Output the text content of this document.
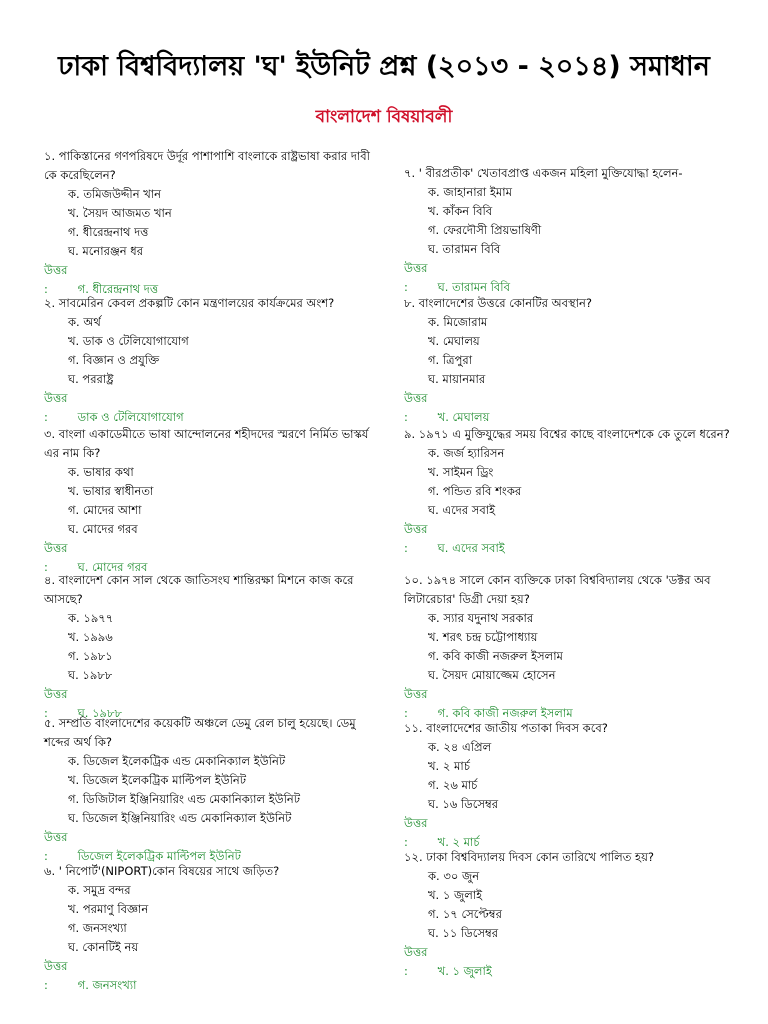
ঢাকা বিশ্ববিদ্যালয় 'ঘ' ইউনিট প্রশ্ন (২০১৩ - ২০১৪) সমাধান
বাংলাদেশ বিষয়াবলী

১. পাকিস্তানের গণপরিষদে উর্দূর পাশাপাশি বাংলাকে রাষ্ট্রভাষা করার দাবী কে করেছিলেন?

ক. তমিজউদ্দীন খান
খ. সৈয়দ আজমত খান
গ. ধীরেন্দ্রনাথ দত্ত
ঘ. মনোরঞ্জন ধর
উত্তর :	গ. ধীরেন্দ্রনাথ দত্ত

২. সাবমেরিন কেবল প্রকল্পটি কোন মন্ত্রণালয়ের কার্যক্রমের অংশ?

ক. অর্থ
খ. ডাক ও টেলিযোগাযোগ
গ. বিজ্ঞান ও প্রযুক্তি
ঘ. পররাষ্ট্র
উত্তর :	ডাক ও টেলিযোগাযোগ

৩. বাংলা একাডেমীতে ভাষা আন্দোলনের শহীদদের স্মরণে নির্মিত ভাস্কর্য এর নাম কি?

ক. ভাষার কথা
খ. ভাষার স্বাধীনতা
গ. মোদের আশা
ঘ. মোদের গরব
উত্তর :	ঘ. মোদের গরব

৪. বাংলাদেশ কোন সাল থেকে জাতিসংঘ শান্তিরক্ষা মিশনে কাজ করে আসছে?

ক. ১৯৭৭
খ. ১৯৯৬
গ. ১৯৮১
ঘ. ১৯৮৮
উত্তর :	ঘ. ১৯৮৮

৫. সম্প্রতি বাংলাদেশের কয়েকটি অঞ্চলে ডেমু রেল চালু হয়েছে। ডেমু শব্দের অর্থ কি?

ক. ডিজেল ইলেকট্রিক এন্ড মেকানিক্যাল ইউনিট
খ. ডিজেল ইলেকট্রিক মাল্টিপল ইউনিট
গ. ডিজিটাল ইঞ্জিনিয়ারিং এন্ড মেকানিক্যাল ইউনিট
ঘ. ডিজেল ইঞ্জিনিয়ারিং এন্ড মেকানিক্যাল ইউনিট
উত্তর :	ডিজেল ইলেকট্রিক মাল্টিপল ইউনিট

৬. ' নিপোর্ট'(NIPORT)কোন বিষয়ের সাথে জড়িত?

ক. সমুদ্র বন্দর
খ. পরমাণু বিজ্ঞান
গ. জনসংখ্যা
ঘ. কোনটিই নয়
উত্তর :	গ. জনসংখ্যা

৭. ' বীরপ্রতীক' খেতাবপ্রাপ্ত একজন মহিলা মুক্তিযোদ্ধা হলেন-

ক. জাহানারা ইমাম
খ. কাঁকন বিবি
গ. ফেরদৌসী প্রিয়ভাষিণী
ঘ. তারামন বিবি
উত্তর :	ঘ. তারামন বিবি

৮. বাংলাদেশের উত্তরে কোনটির অবস্থান?

ক. মিজোরাম
খ. মেঘালয়
গ. ত্রিপুরা
ঘ. মায়ানমার
উত্তর :	খ. মেঘালয়

৯. ১৯৭১ এ মুক্তিযুদ্ধের সময় বিশ্বের কাছে বাংলাদেশকে কে তুলে ধরেন?

ক. জর্জ হ্যারিসন
খ. সাইমন ড্রিং
গ. পন্ডিত রবি শংকর
ঘ. এদের সবাই
উত্তর :	ঘ. এদের সবাই

১০. ১৯৭৪ সালে কোন ব্যক্তিকে ঢাকা বিশ্ববিদ্যালয় থেকে 'ডক্টর অব লিটারেচার' ডিগ্রী দেয়া হয়?

ক. স্যার যদুনাথ সরকার
খ. শরৎ চন্দ্র চট্টোপাধ্যায়
গ. কবি কাজী নজরুল ইসলাম
ঘ. সৈয়দ মোয়াজ্জেম হোসেন
উত্তর :	গ. কবি কাজী নজরুল ইসলাম

১১. বাংলাদেশের জাতীয় পতাকা দিবস কবে?

ক. ২৪ এপ্রিল
খ. ২ মার্চ
গ. ২৬ মার্চ
ঘ. ১৬ ডিসেম্বর
উত্তর :	খ. ২ মার্চ

১২. ঢাকা বিশ্ববিদ্যালয় দিবস কোন তারিখে পালিত হয়?

ক. ৩০ জুন
খ. ১ জুলাই
গ. ১৭ সেপ্টেম্বর
ঘ. ১১ ডিসেম্বর
উত্তর :	খ. ১ জুলাই
